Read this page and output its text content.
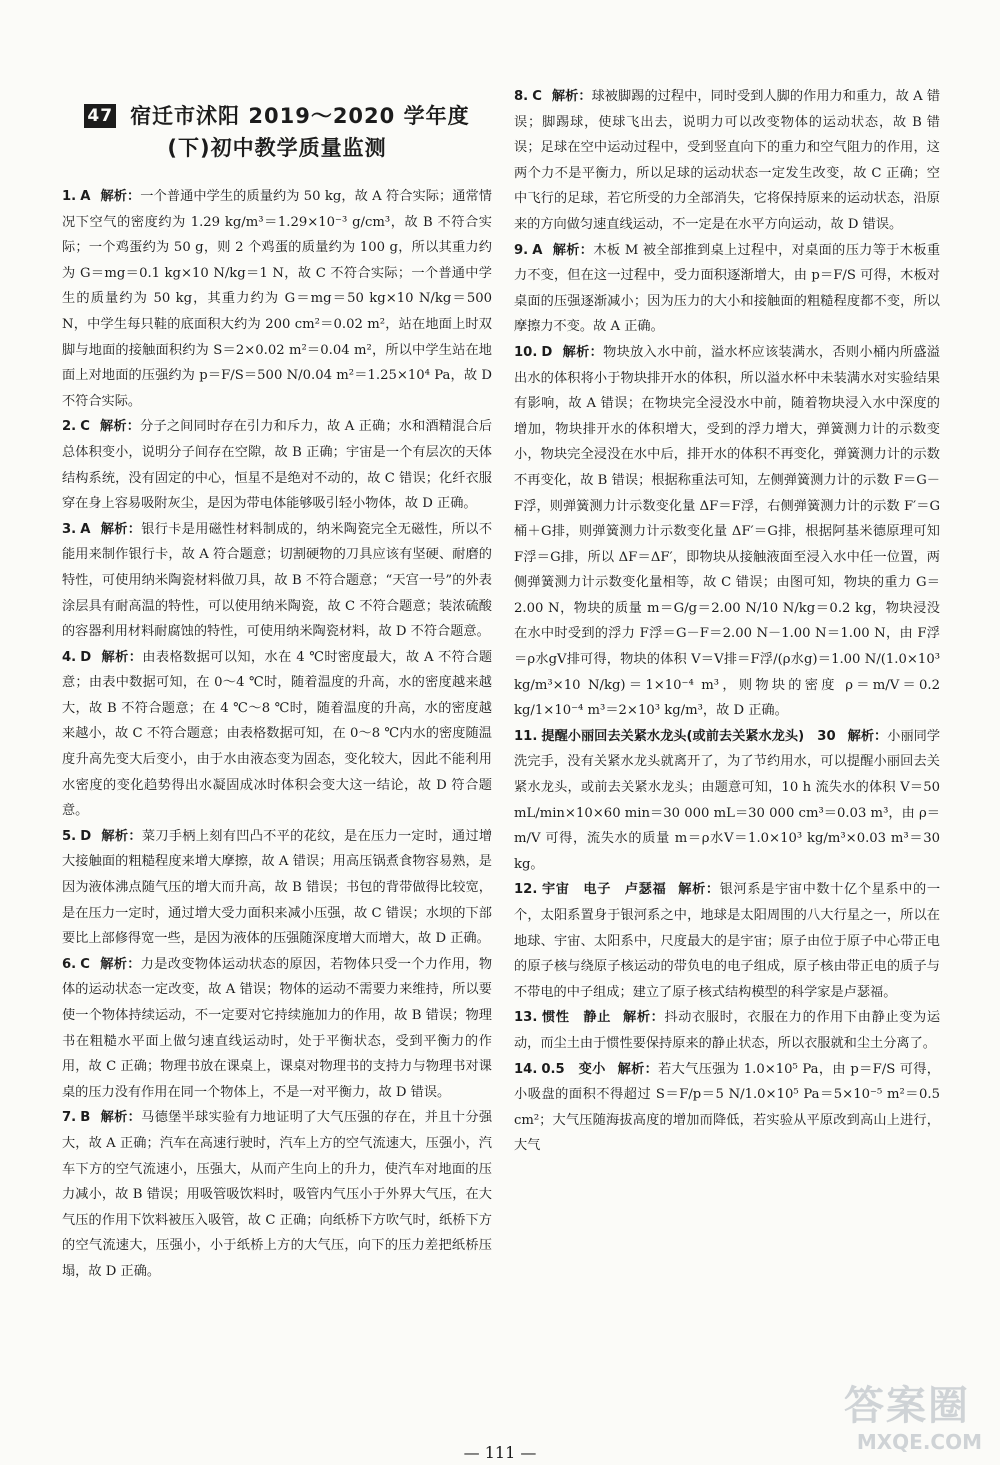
47 宿迁市沭阳 2019～2020 学年度
(下)初中教学质量监测

1. A 解析：一个普通中学生的质量约为 50 kg，故 A 符合实际；通常情况下空气的密度约为 1.29 kg/m³＝1.29×10⁻³ g/cm³，故 B 不符合实际；一个鸡蛋约为 50 g，则 2 个鸡蛋的质量约为 100 g，所以其重力约为 G＝mg＝0.1 kg×10 N/kg＝1 N，故 C 不符合实际；一个普通中学生的质量约为 50 kg，其重力约为 G＝mg＝50 kg×10 N/kg＝500 N，中学生每只鞋的底面积大约为 200 cm²＝0.02 m²，站在地面上时双脚与地面的接触面积约为 S＝2×0.02 m²＝0.04 m²，所以中学生站在地面上对地面的压强约为 p＝F/S＝500 N/0.04 m²＝1.25×10⁴ Pa，故 D 不符合实际。

2. C 解析：分子之间同时存在引力和斥力，故 A 正确；水和酒精混合后总体积变小，说明分子间存在空隙，故 B 正确；宇宙是一个有层次的天体结构系统，没有固定的中心，恒星不是绝对不动的，故 C 错误；化纤衣服穿在身上容易吸附灰尘，是因为带电体能够吸引轻小物体，故 D 正确。

3. A 解析：银行卡是用磁性材料制成的，纳米陶瓷完全无磁性，所以不能用来制作银行卡，故 A 符合题意；切割硬物的刀具应该有坚硬、耐磨的特性，可使用纳米陶瓷材料做刀具，故 B 不符合题意；“天宫一号”的外表涂层具有耐高温的特性，可以使用纳米陶瓷，故 C 不符合题意；装浓硫酸的容器利用材料耐腐蚀的特性，可使用纳米陶瓷材料，故 D 不符合题意。

4. D 解析：由表格数据可以知，水在 4 ℃时密度最大，故 A 不符合题意；由表中数据可知，在 0～4 ℃时，随着温度的升高，水的密度越来越大，故 B 不符合题意；在 4 ℃～8 ℃时，随着温度的升高，水的密度越来越小，故 C 不符合题意；由表格数据可知，在 0～8 ℃内水的密度随温度升高先变大后变小，由于水由液态变为固态，变化较大，因此不能利用水密度的变化趋势得出水凝固成冰时体积会变大这一结论，故 D 符合题意。

5. D 解析：菜刀手柄上刻有凹凸不平的花纹，是在压力一定时，通过增大接触面的粗糙程度来增大摩擦，故 A 错误；用高压锅煮食物容易熟，是因为液体沸点随气压的增大而升高，故 B 错误；书包的背带做得比较宽，是在压力一定时，通过增大受力面积来减小压强，故 C 错误；水坝的下部要比上部修得宽一些，是因为液体的压强随深度增大而增大，故 D 正确。

6. C 解析：力是改变物体运动状态的原因，若物体只受一个力作用，物体的运动状态一定改变，故 A 错误；物体的运动不需要力来维持，所以要使一个物体持续运动，不一定要对它持续施加力的作用，故 B 错误；物理书在粗糙水平面上做匀速直线运动时，处于平衡状态，受到平衡力的作用，故 C 正确；物理书放在课桌上，课桌对物理书的支持力与物理书对课桌的压力没有作用在同一个物体上，不是一对平衡力，故 D 错误。

7. B 解析：马德堡半球实验有力地证明了大气压强的存在，并且十分强大，故 A 正确；汽车在高速行驶时，汽车上方的空气流速大，压强小，汽车下方的空气流速小，压强大，从而产生向上的升力，使汽车对地面的压力减小，故 B 错误；用吸管吸饮料时，吸管内气压小于外界大气压，在大气压的作用下饮料被压入吸管，故 C 正确；向纸桥下方吹气时，纸桥下方的空气流速大，压强小，小于纸桥上方的大气压，向下的压力差把纸桥压塌，故 D 正确。

8. C 解析：球被脚踢的过程中，同时受到人脚的作用力和重力，故 A 错误；脚踢球，使球飞出去，说明力可以改变物体的运动状态，故 B 错误；足球在空中运动过程中，受到竖直向下的重力和空气阻力的作用，这两个力不是平衡力，所以足球的运动状态一定发生改变，故 C 正确；空中飞行的足球，若它所受的力全部消失，它将保持原来的运动状态，沿原来的方向做匀速直线运动，不一定是在水平方向运动，故 D 错误。

9. A 解析：木板 M 被全部推到桌上过程中，对桌面的压力等于木板重力不变，但在这一过程中，受力面积逐渐增大，由 p＝F/S 可得，木板对桌面的压强逐渐减小；因为压力的大小和接触面的粗糙程度都不变，所以摩擦力不变。故 A 正确。

10. D 解析：物块放入水中前，溢水杯应该装满水，否则小桶内所盛溢出水的体积将小于物块排开水的体积，所以溢水杯中未装满水对实验结果有影响，故 A 错误；在物块完全浸没水中前，随着物块浸入水中深度的增加，物块排开水的体积增大，受到的浮力增大，弹簧测力计的示数变小，物块完全浸没在水中后，排开水的体积不再变化，弹簧测力计的示数不再变化，故 B 错误；根据称重法可知，左侧弹簧测力计的示数 F＝G－F浮，则弹簧测力计示数变化量 ΔF＝F浮，右侧弹簧测力计的示数 F′＝G桶＋G排，则弹簧测力计示数变化量 ΔF′＝G排，根据阿基米德原理可知 F浮＝G排，所以 ΔF＝ΔF′，即物块从接触液面至浸入水中任一位置，两侧弹簧测力计示数变化量相等，故 C 错误；由图可知，物块的重力 G＝2.00 N，物块的质量 m＝G/g＝2.00 N/10 N/kg＝0.2 kg，物块浸没在水中时受到的浮力 F浮＝G－F＝2.00 N－1.00 N＝1.00 N，由 F浮＝ρ水gV排可得，物块的体积 V＝V排＝F浮/(ρ水g)＝1.00 N/(1.0×10³ kg/m³×10 N/kg)＝1×10⁻⁴ m³，则物块的密度 ρ＝m/V＝0.2 kg/1×10⁻⁴ m³＝2×10³ kg/m³，故 D 正确。

11. 提醒小丽回去关紧水龙头(或前去关紧水龙头)　30 解析：小丽同学洗完手，没有关紧水龙头就离开了，为了节约用水，可以提醒小丽回去关紧水龙头，或前去关紧水龙头；由题意可知，10 h 流失水的体积 V＝50 mL/min×10×60 min＝30 000 mL＝30 000 cm³＝0.03 m³，由 ρ＝m/V 可得，流失水的质量 m＝ρ水V＝1.0×10³ kg/m³×0.03 m³＝30 kg。

12. 宇宙　电子　卢瑟福 解析：银河系是宇宙中数十亿个星系中的一个，太阳系置身于银河系之中，地球是太阳周围的八大行星之一，所以在地球、宇宙、太阳系中，尺度最大的是宇宙；原子由位于原子中心带正电的原子核与绕原子核运动的带负电的电子组成，原子核由带正电的质子与不带电的中子组成；建立了原子核式结构模型的科学家是卢瑟福。

13. 惯性　静止 解析：抖动衣服时，衣服在力的作用下由静止变为运动，而尘土由于惯性要保持原来的静止状态，所以衣服就和尘土分离了。

14. 0.5　变小 解析：若大气压强为 1.0×10⁵ Pa，由 p＝F/S 可得，小吸盘的面积不得超过 S＝F/p＝5 N/1.0×10⁵ Pa＝5×10⁻⁵ m²＝0.5 cm²；大气压随海拔高度的增加而降低，若实验从平原改到高山上进行，大气

— 111 —
答案圈
MXQE.COM
